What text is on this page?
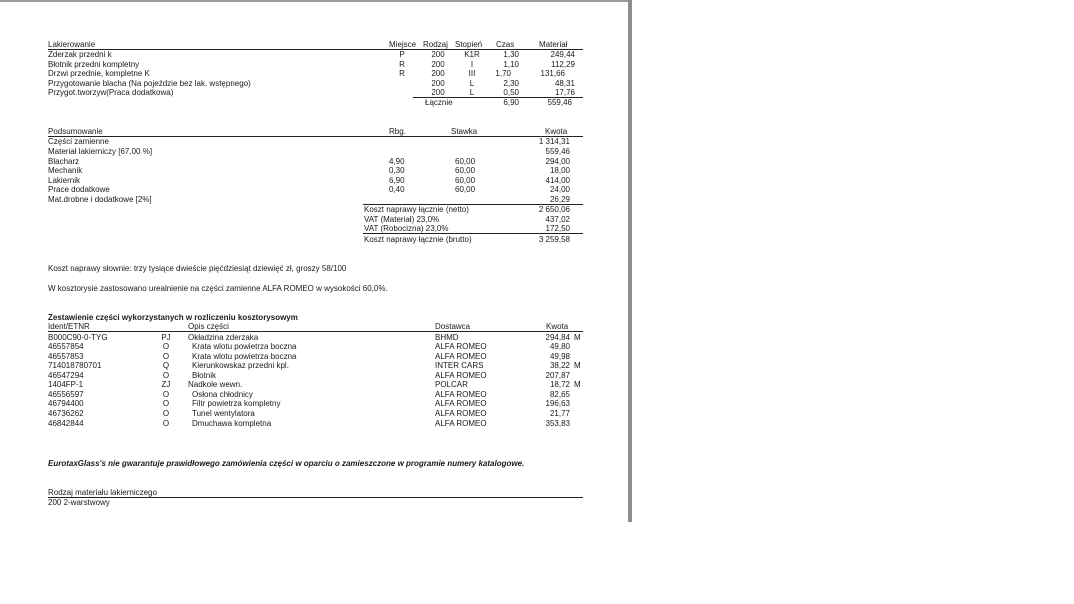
Lakierowanie	Miejsce Rodzaj Stopień Czas	Materiał
Zderzak przedni k	P	200	K1R	1,30	249,44
Błotnik przedni kompletny	R	200	I	1,10	112,29
Drzwi przednie, kompletne K	R	200	III	1,70	131,66
Przygotowanie blacha (Na pojeździe bez lak. wstępnego)	200	L	2,30	48,31
Przygot.tworzyw(Praca dodatkowa)	200	L	0,50	17,76
Łącznie	6,90	559,46
Podsumowanie	Rbg.	Stawka	Kwota
Części zamienne	1 314,31
Materiał lakierniczy [67,00 %]	559,46
Blacharz	4,90	60,00	294,00
Mechanik	0,30	60,00	18,00
Lakiernik	6,90	60,00	414,00
Prace dodatkowe	0,40	60,00	24,00
Mat.drobne i dodatkowe [2%]	26,29
Koszt naprawy łącznie (netto)	2 650,06
VAT (Materiał) 23,0%	437,02
VAT (Robocizna) 23,0%	172,50
Koszt naprawy łącznie (brutto)	3 259,58
Koszt naprawy słownie: trzy tysiące dwieście pięćdziesiąt dziewięć zł, groszy 58/100
W kosztorysie zastosowano urealnienie na części zamienne ALFA ROMEO w wysokości 60,0%.
Zestawienie części wykorzystanych w rozliczeniu kosztorysowym
Ident/ETNR	Opis części	Dostawca	Kwota
B000C90-0-TYG	PJ	Okładzina zderzaka	BHMD	294,84 M
46557854	O	Krata wlotu powietrza boczna	ALFA ROMEO	49,80
46557853	O	Krata wlotu powietrza boczna	ALFA ROMEO	49,98
714018780701	Q	Kierunkowskaz przedni kpl.	INTER CARS	38,22 M
46547294	O	Błotnik	ALFA ROMEO	207,87
1404FP-1	ZJ	Nadkole wewn.	POLCAR	18,72 M
46556597	O	Osłona chłodnicy	ALFA ROMEO	82,65
46794400	O	Filtr powietrza kompletny	ALFA ROMEO	196,63
46736262	O	Tunel wentylatora	ALFA ROMEO	21,77
46842844	O	Dmuchawa kompletna	ALFA ROMEO	353,83
EurotaxGlass's nie gwarantuje prawidłowego zamówienia części w oparciu o zamieszczone w programie numery katalogowe.
Rodzaj materiału lakierniczego
200 2-warstwowy
